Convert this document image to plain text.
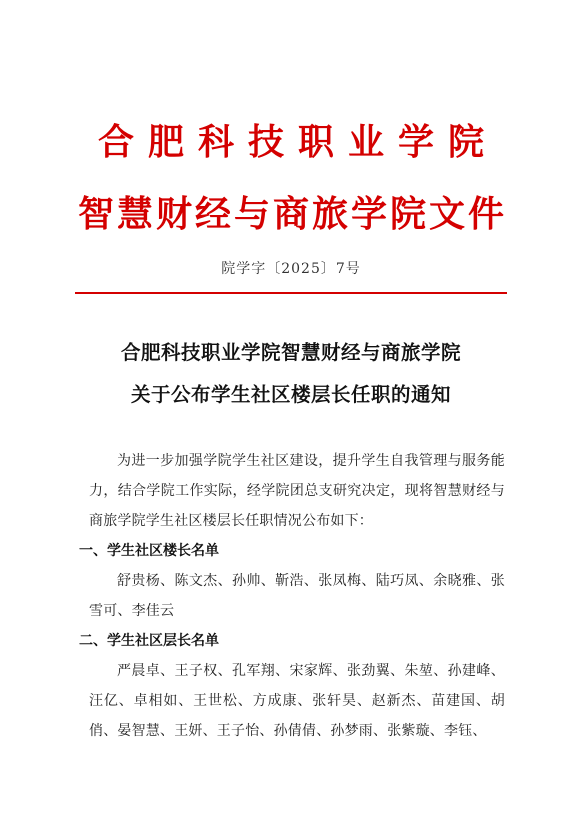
合肥科技职业学院
智慧财经与商旅学院文件
院学字〔2025〕7号
合肥科技职业学院智慧财经与商旅学院
关于公布学生社区楼层长任职的通知

为进一步加强学院学生社区建设，提升学生自我管理与服务能力，结合学院工作实际，经学院团总支研究决定，现将智慧财经与商旅学院学生社区楼层长任职情况公布如下：

一、学生社区楼长名单

舒贵杨、陈文杰、孙帅、靳浩、张凤梅、陆巧凤、余晓雅、张雪可、李佳云

二、学生社区层长名单

严晨卓、王子权、孔军翔、宋家辉、张劲翼、朱堃、孙建峰、汪亿、卓相如、王世松、方成康、张轩昊、赵新杰、苗建国、胡俏、晏智慧、王妍、王子怡、孙倩倩、孙梦雨、张紫璇、李钰、
